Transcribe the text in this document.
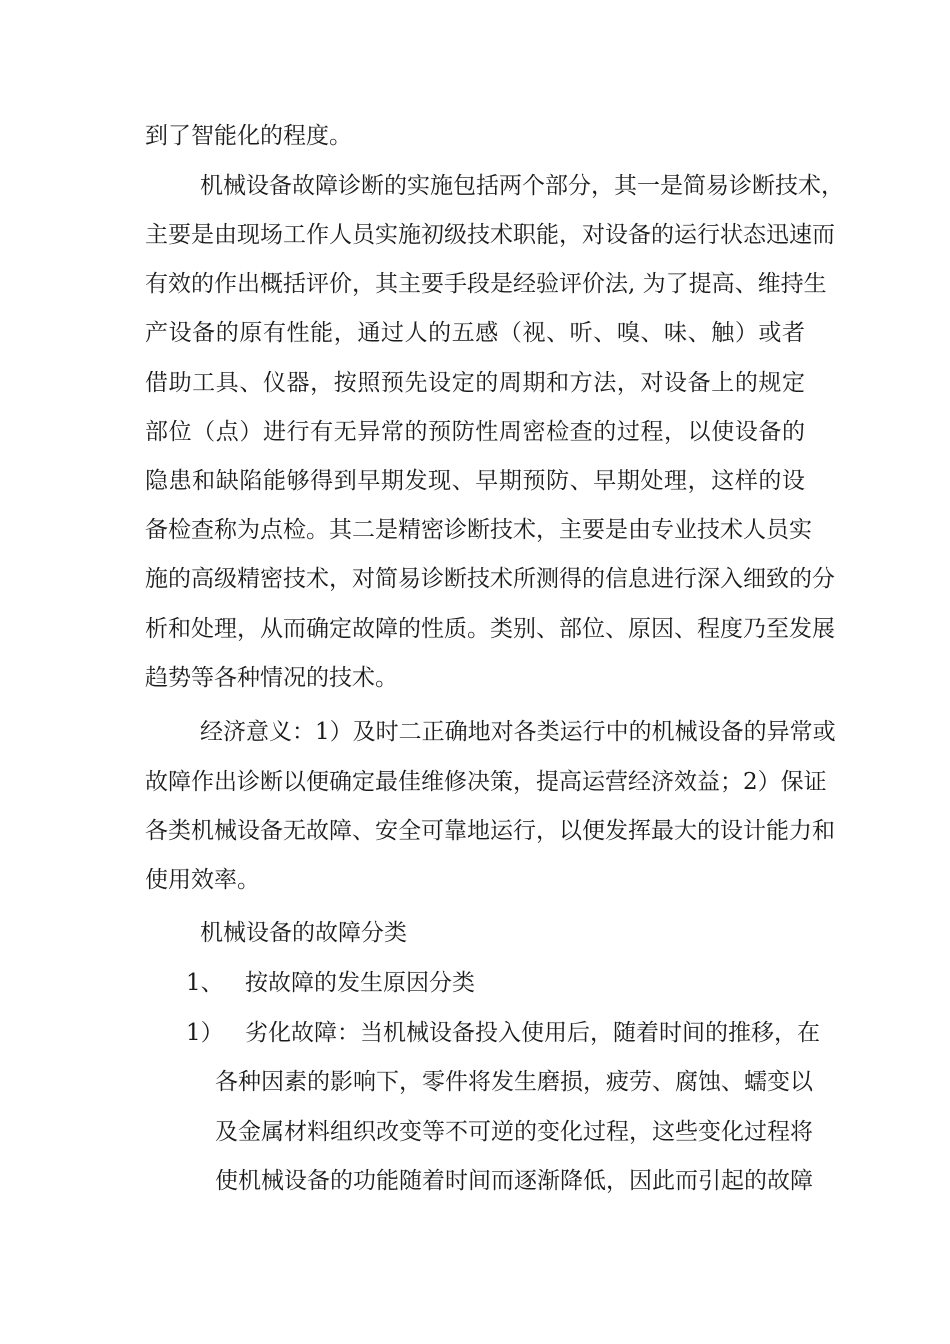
到了智能化的程度。
机械设备故障诊断的实施包括两个部分，其一是简易诊断技术，
主要是由现场工作人员实施初级技术职能，对设备的运行状态迅速而
有效的作出概括评价，其主要手段是经验评价法, 为了提高、维持生
产设备的原有性能，通过人的五感（视、听、嗅、味、触）或者
借助工具、仪器，按照预先设定的周期和方法，对设备上的规定
部位（点）进行有无异常的预防性周密检查的过程，以使设备的
隐患和缺陷能够得到早期发现、早期预防、早期处理，这样的设
备检查称为点检。其二是精密诊断技术，主要是由专业技术人员实
施的高级精密技术，对简易诊断技术所测得的信息进行深入细致的分
析和处理，从而确定故障的性质。类别、部位、原因、程度乃至发展
趋势等各种情况的技术。
经济意义：1）及时二正确地对各类运行中的机械设备的异常或
故障作出诊断以便确定最佳维修决策，提高运营经济效益；2）保证
各类机械设备无故障、安全可靠地运行，以便发挥最大的设计能力和
使用效率。
机械设备的故障分类
1、 按故障的发生原因分类
1） 劣化故障：当机械设备投入使用后，随着时间的推移，在
各种因素的影响下，零件将发生磨损，疲劳、腐蚀、蠕变以
及金属材料组织改变等不可逆的变化过程，这些变化过程将
使机械设备的功能随着时间而逐渐降低，因此而引起的故障
